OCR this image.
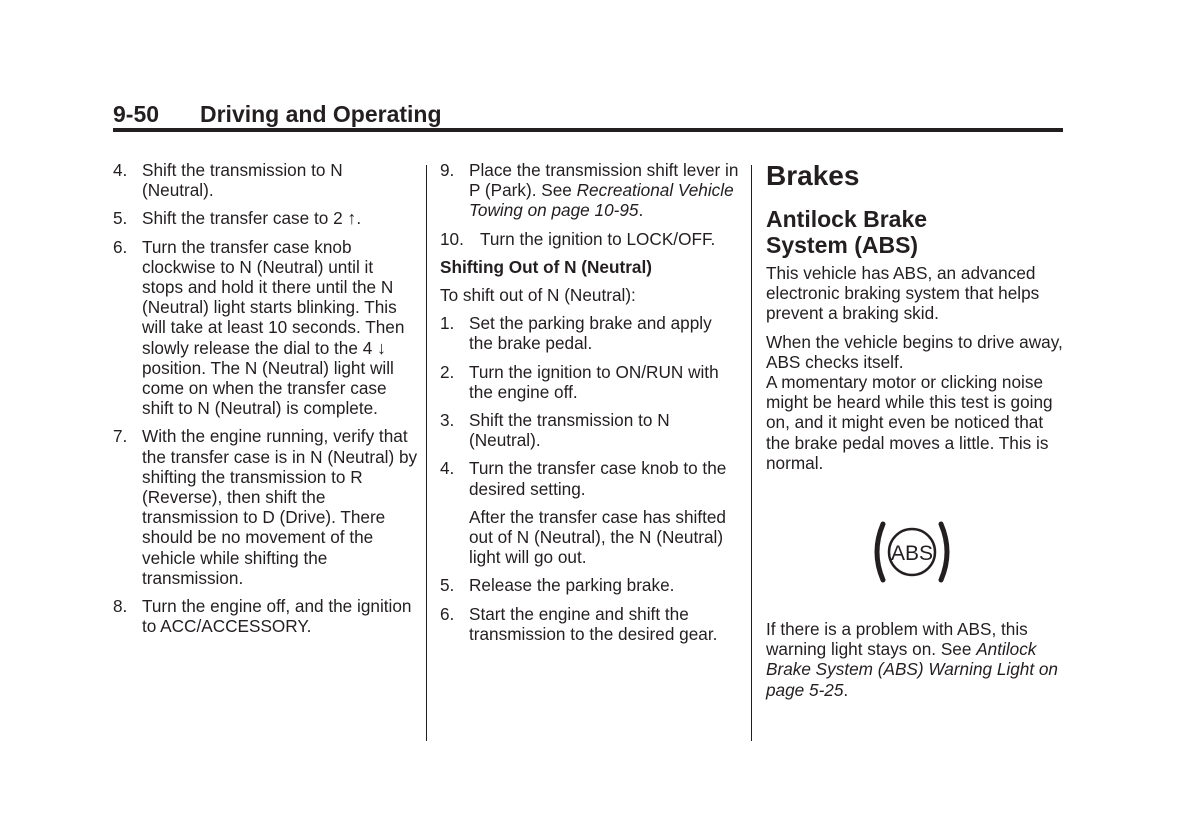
9-50 Driving and Operating
4. Shift the transmission to N (Neutral).
5. Shift the transfer case to 2 ↑.
6. Turn the transfer case knob clockwise to N (Neutral) until it stops and hold it there until the N (Neutral) light starts blinking. This will take at least 10 seconds. Then slowly release the dial to the 4 ↓ position. The N (Neutral) light will come on when the transfer case shift to N (Neutral) is complete.
7. With the engine running, verify that the transfer case is in N (Neutral) by shifting the transmission to R (Reverse), then shift the transmission to D (Drive). There should be no movement of the vehicle while shifting the transmission.
8. Turn the engine off, and the ignition to ACC/ACCESSORY.
9. Place the transmission shift lever in P (Park). See Recreational Vehicle Towing on page 10-95.
10. Turn the ignition to LOCK/OFF.
Shifting Out of N (Neutral)

To shift out of N (Neutral):

1. Set the parking brake and apply the brake pedal.
2. Turn the ignition to ON/RUN with the engine off.
3. Shift the transmission to N (Neutral).
4. Turn the transfer case knob to the desired setting.

After the transfer case has shifted out of N (Neutral), the N (Neutral) light will go out.

5. Release the parking brake.
6. Start the engine and shift the transmission to the desired gear.
Brakes
Antilock Brake
System (ABS)

This vehicle has ABS, an advanced electronic braking system that helps prevent a braking skid.

When the vehicle begins to drive away, ABS checks itself.

A momentary motor or clicking noise might be heard while this test is going on, and it might even be noticed that the brake pedal moves a little. This is normal.

ABS

If there is a problem with ABS, this warning light stays on. See Antilock Brake System (ABS) Warning Light on page 5-25.
